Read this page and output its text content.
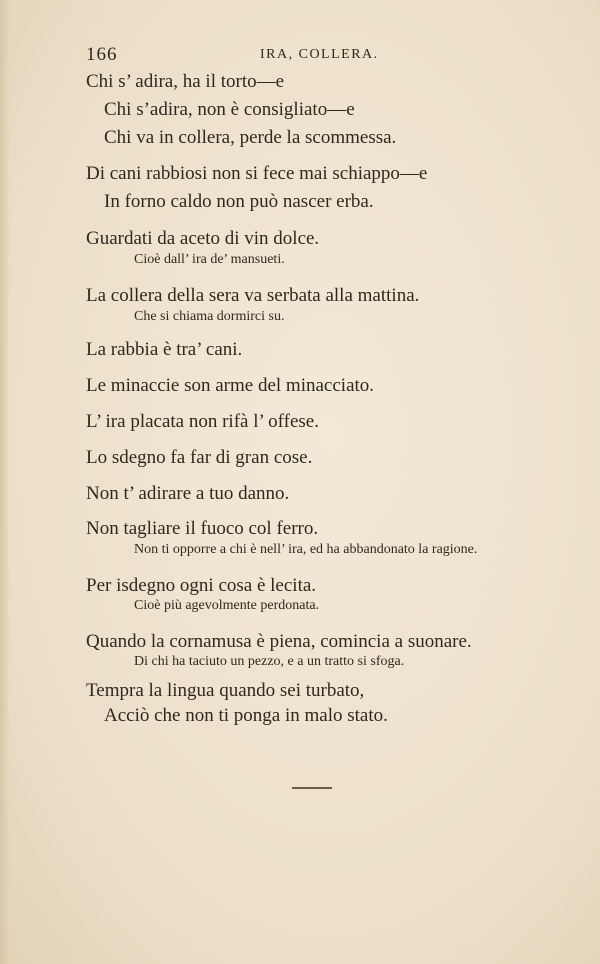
166	IRA, COLLERA.
Chi s’ adira, ha il torto—e
Chi s’adira, non è consigliato—e
Chi va in collera, perde la scommessa.
Di cani rabbiosi non si fece mai schiappo—e
In forno caldo non può nascer erba.
Guardati da aceto di vin dolce.
Cioè dall’ ira de’ mansueti.
La collera della sera va serbata alla mattina.
Che si chiama dormirci su.
La rabbia è tra’ cani.
Le minaccie son arme del minacciato.
L’ ira placata non rifà l’ offese.
Lo sdegno fa far di gran cose.
Non t’ adirare a tuo danno.
Non tagliare il fuoco col ferro.
Non ti opporre a chi è nell’ ira, ed ha abbandonato la ragione.
Per isdegno ogni cosa è lecita.
Cioè più agevolmente perdonata.
Quando la cornamusa è piena, comincia a suonare.
Di chi ha taciuto un pezzo, e a un tratto si sfoga.
Tempra la lingua quando sei turbato,
Acciò che non ti ponga in malo stato.
